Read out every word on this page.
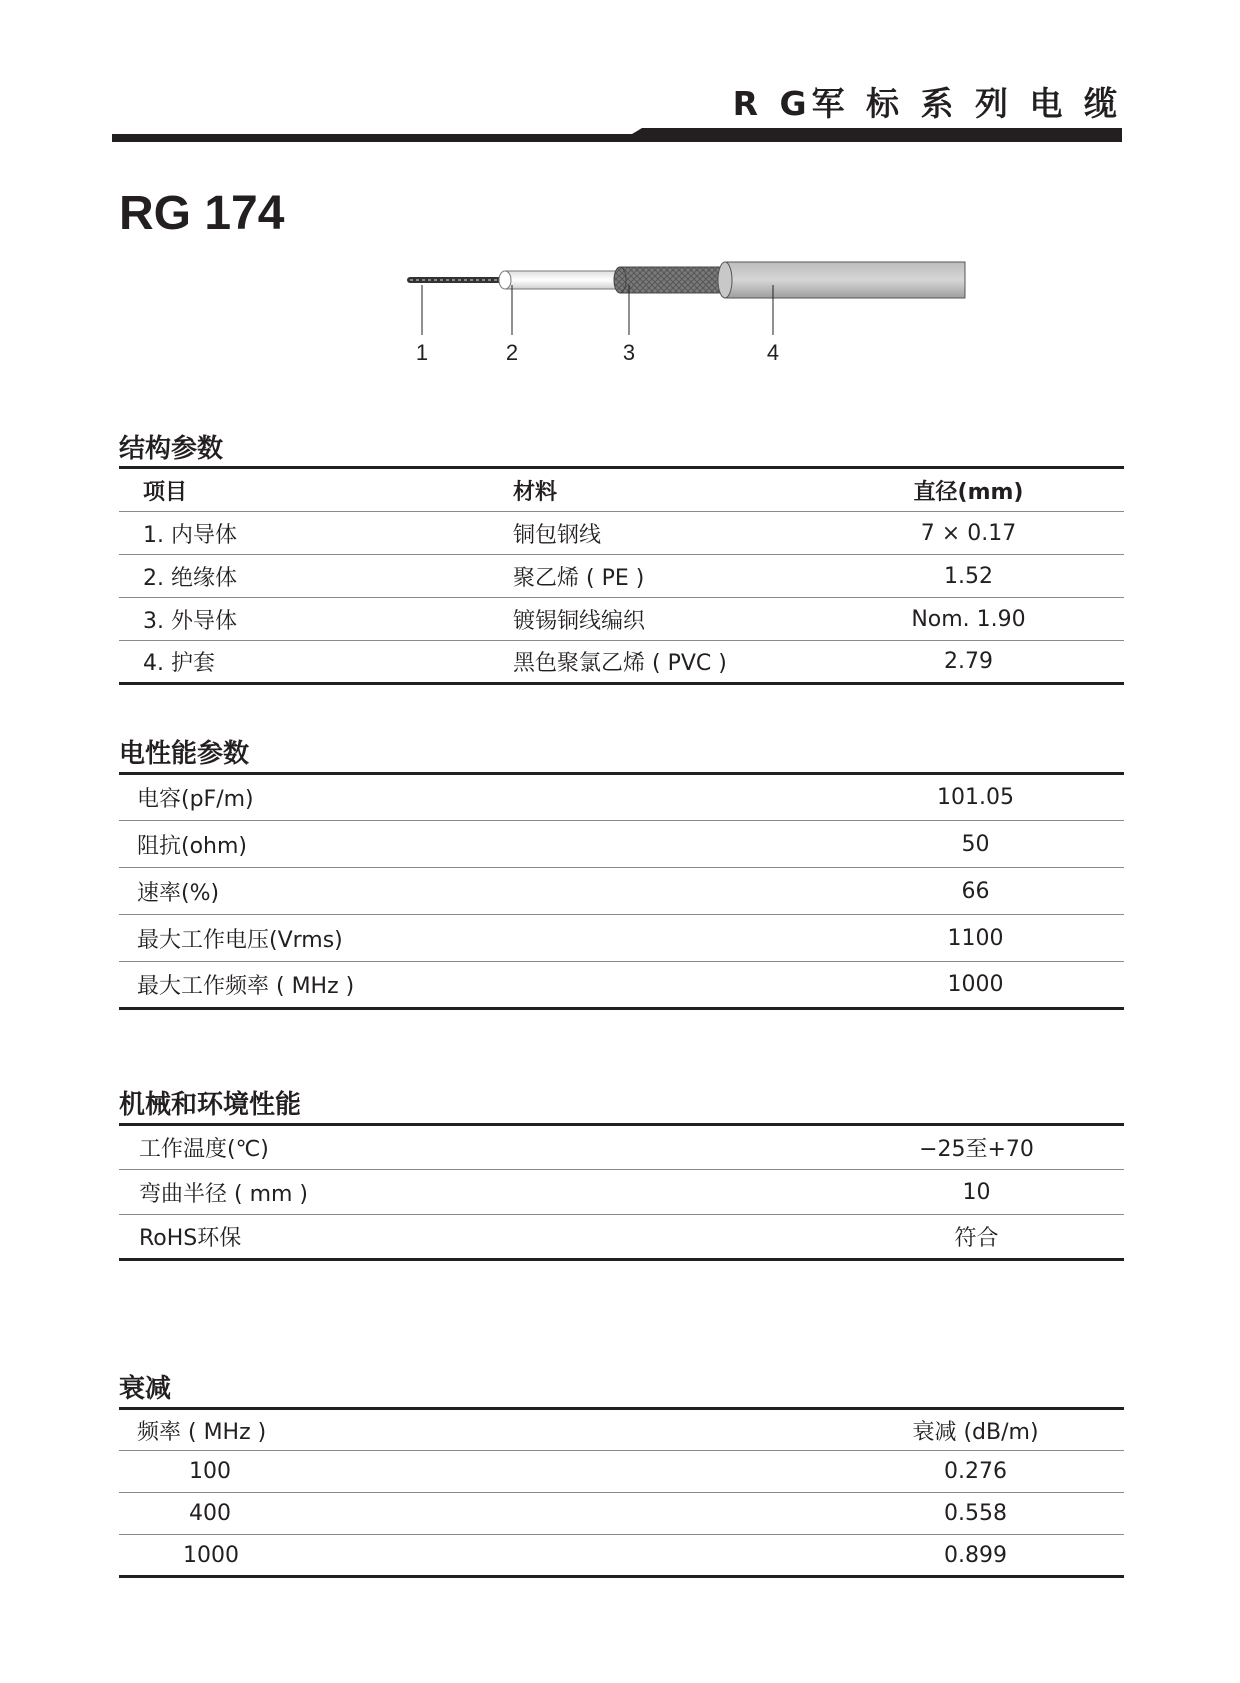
R G军 标 系 列 电 缆
RG 174
1	2	3	4
结构参数
项目	材料	直径(mm)
1. 内导体	铜包钢线	7 × 0.17
2. 绝缘体	聚乙烯 ( PE )	1.52
3. 外导体	镀锡铜线编织	Nom. 1.90
4. 护套	黑色聚氯乙烯 ( PVC )	2.79
电性能参数
电容(pF/m)	101.05
阻抗(ohm)	50
速率(%)	66
最大工作电压(Vrms)	1100
最大工作频率 ( MHz )	1000
机械和环境性能
工作温度(℃)	−25至+70
弯曲半径 ( mm )	10
RoHS环保	符合
衰减
频率 ( MHz )	衰减 (dB/m)
100	0.276
400	0.558
1000	0.899
